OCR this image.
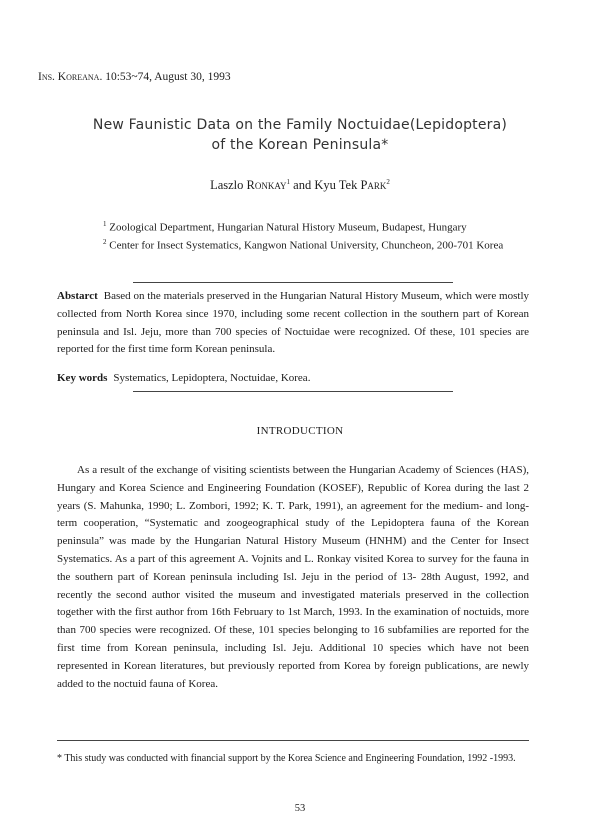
Ins. Koreana. 10:53~74, August 30, 1993
New Faunistic Data on the Family Noctuidae(Lepidoptera)
of the Korean Peninsula*
Laszlo Ronkay$^1$ and Kyu Tek Park$^2$
$^1$ Zoological Department, Hungarian Natural History Museum, Budapest, Hungary
$^2$ Center for Insect Systematics, Kangwon National University, Chuncheon, 200-701 Korea
Abstarct Based on the materials preserved in the Hungarian Natural History Museum, which were mostly collected from North Korea since 1970, including some recent collection in the southern part of Korean peninsula and Isl. Jeju, more than 700 species of Noctuidae were recognized. Of these, 101 species are reported for the first time form Korean peninsula.
Key words Systematics, Lepidoptera, Noctuidae, Korea.
INTRODUCTION
As a result of the exchange of visiting scientists between the Hungarian Academy of Sciences (HAS), Hungary and Korea Science and Engineering Foundation (KOSEF), Republic of Korea during the last 2 years (S. Mahunka, 1990; L. Zombori, 1992; K. T. Park, 1991), an agreement for the medium- and long-term cooperation, “Systematic and zoogeographical study of the Lepidoptera fauna of the Korean peninsula” was made by the Hungarian Natural History Museum (HNHM) and the Center for Insect Systematics. As a part of this agreement A. Vojnits and L. Ronkay visited Korea to survey for the fauna in the southern part of Korean peninsula including Isl. Jeju in the period of 13- 28th August, 1992, and recently the second author visited the museum and investigated materials preserved in the collection together with the first author from 16th February to 1st March, 1993. In the examination of noctuids, more than 700 species were recognized. Of these, 101 species belonging to 16 subfamilies are reported for the first time from Korean peninsula, including Isl. Jeju. Additional 10 species which have not been represented in Korean literatures, but previously reported from Korea by foreign publications, are newly added to the noctuid fauna of Korea.
* This study was conducted with financial support by the Korea Science and Engineering Foundation, 1992 -1993.
53
